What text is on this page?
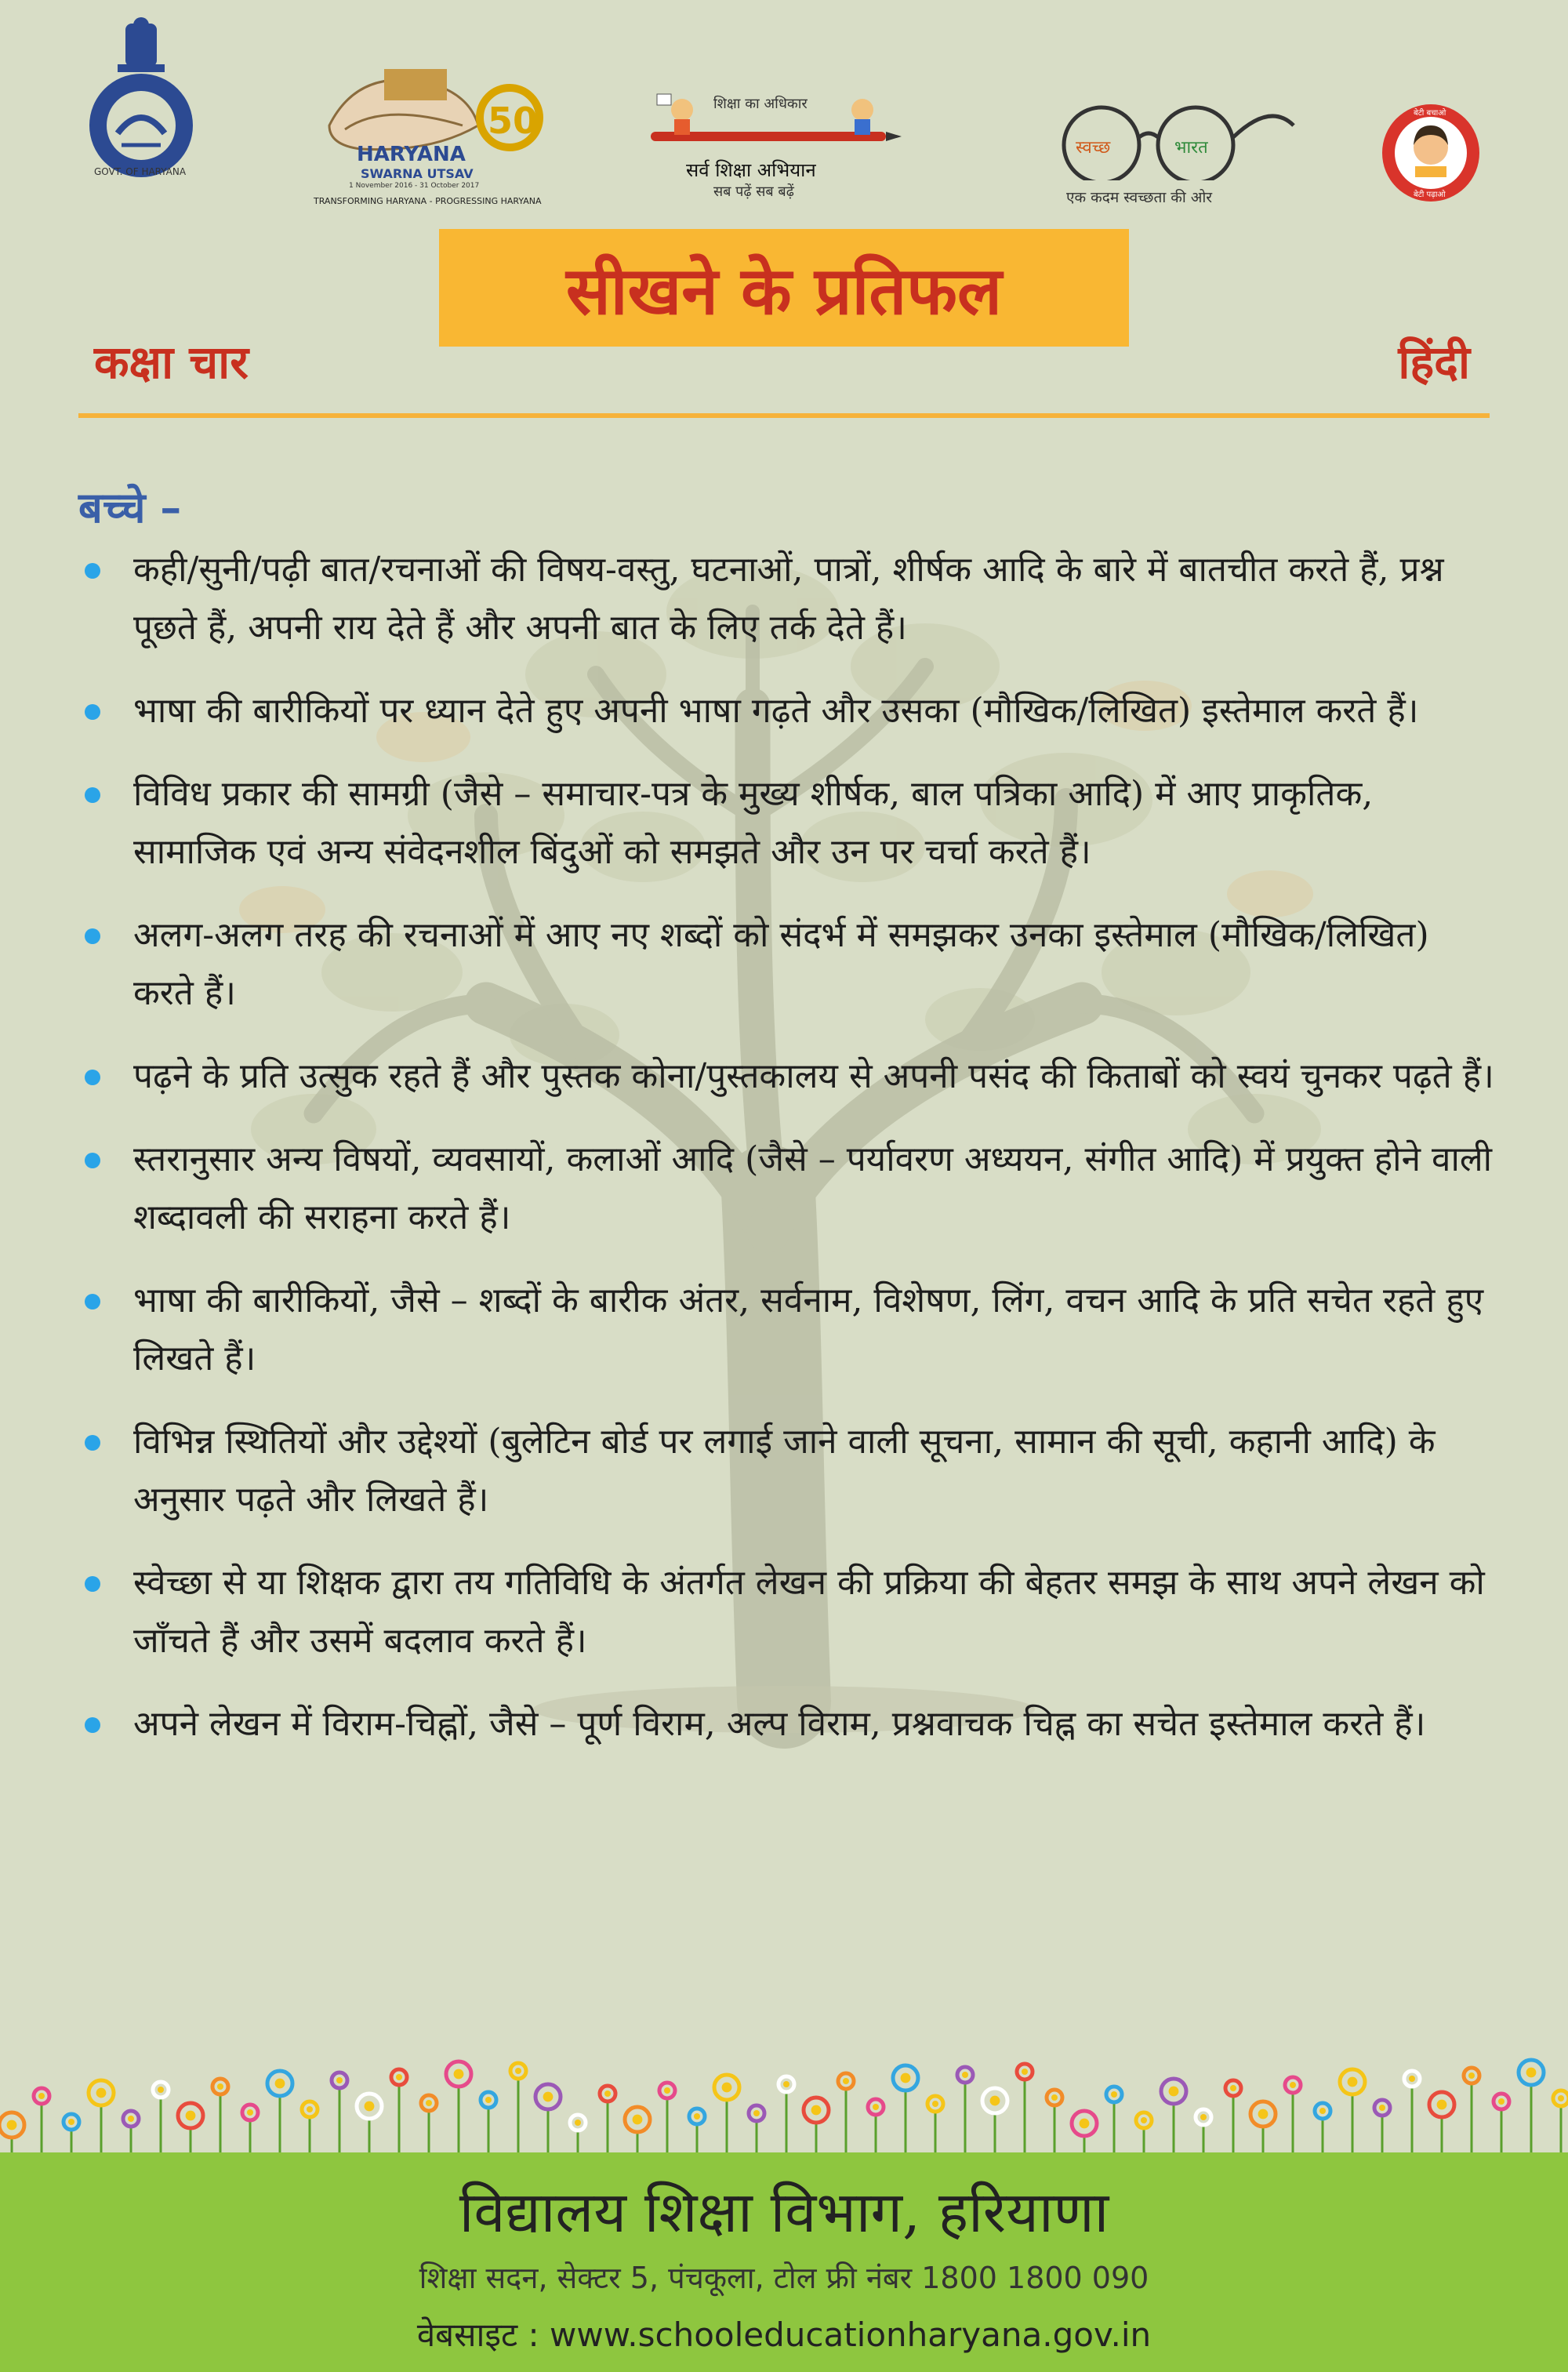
GOVT. OF HARYANA
50
HARYANA
SWARNA UTSAV
1 November 2016 - 31 October 2017
TRANSFORMING HARYANA - PROGRESSING HARYANA
शिक्षा का अधिकार
सर्व शिक्षा अभियान
सब पढ़ें सब बढ़ें
स्वच्छ	भारत
एक कदम स्वच्छता की ओर
बेटी बचाओ
बेटी पढ़ाओ
सीखने के प्रतिफल
कक्षा चार	हिंदी
बच्चे –
कही/सुनी/पढ़ी बात/रचनाओं की विषय-वस्तु, घटनाओं, पात्रों, शीर्षक आदि के बारे में बातचीत करते हैं, प्रश्न पूछते हैं, अपनी राय देते हैं और अपनी बात के लिए तर्क देते हैं।
भाषा की बारीकियों पर ध्यान देते हुए अपनी भाषा गढ़ते और उसका (मौखिक/लिखित) इस्तेमाल करते हैं।
विविध प्रकार की सामग्री (जैसे – समाचार-पत्र के मुख्य शीर्षक, बाल पत्रिका आदि) में आए प्राकृतिक, सामाजिक एवं अन्य संवेदनशील बिंदुओं को समझते और उन पर चर्चा करते हैं।
अलग-अलग तरह की रचनाओं में आए नए शब्दों को संदर्भ में समझकर उनका इस्तेमाल (मौखिक/लिखित) करते हैं।
पढ़ने के प्रति उत्सुक रहते हैं और पुस्तक कोना/पुस्तकालय से अपनी पसंद की किताबों को स्वयं चुनकर पढ़ते हैं।
स्तरानुसार अन्य विषयों, व्यवसायों, कलाओं आदि (जैसे – पर्यावरण अध्ययन, संगीत आदि) में प्रयुक्त होने वाली शब्दावली की सराहना करते हैं।
भाषा की बारीकियों, जैसे – शब्दों के बारीक अंतर, सर्वनाम, विशेषण, लिंग, वचन आदि के प्रति सचेत रहते हुए लिखते हैं।
विभिन्न स्थितियों और उद्देश्यों (बुलेटिन बोर्ड पर लगाई जाने वाली सूचना, सामान की सूची, कहानी आदि) के अनुसार पढ़ते और लिखते हैं।
स्वेच्छा से या शिक्षक द्वारा तय गतिविधि के अंतर्गत लेखन की प्रक्रिया की बेहतर समझ के साथ अपने लेखन को जाँचते हैं और उसमें बदलाव करते हैं।
अपने लेखन में विराम-चिह्नों, जैसे – पूर्ण विराम, अल्प विराम, प्रश्नवाचक चिह्न का सचेत इस्तेमाल करते हैं।
विद्यालय शिक्षा विभाग, हरियाणा
शिक्षा सदन, सेक्टर 5, पंचकूला, टोल फ्री नंबर 1800 1800 090
वेबसाइट : www.schooleducationharyana.gov.in
